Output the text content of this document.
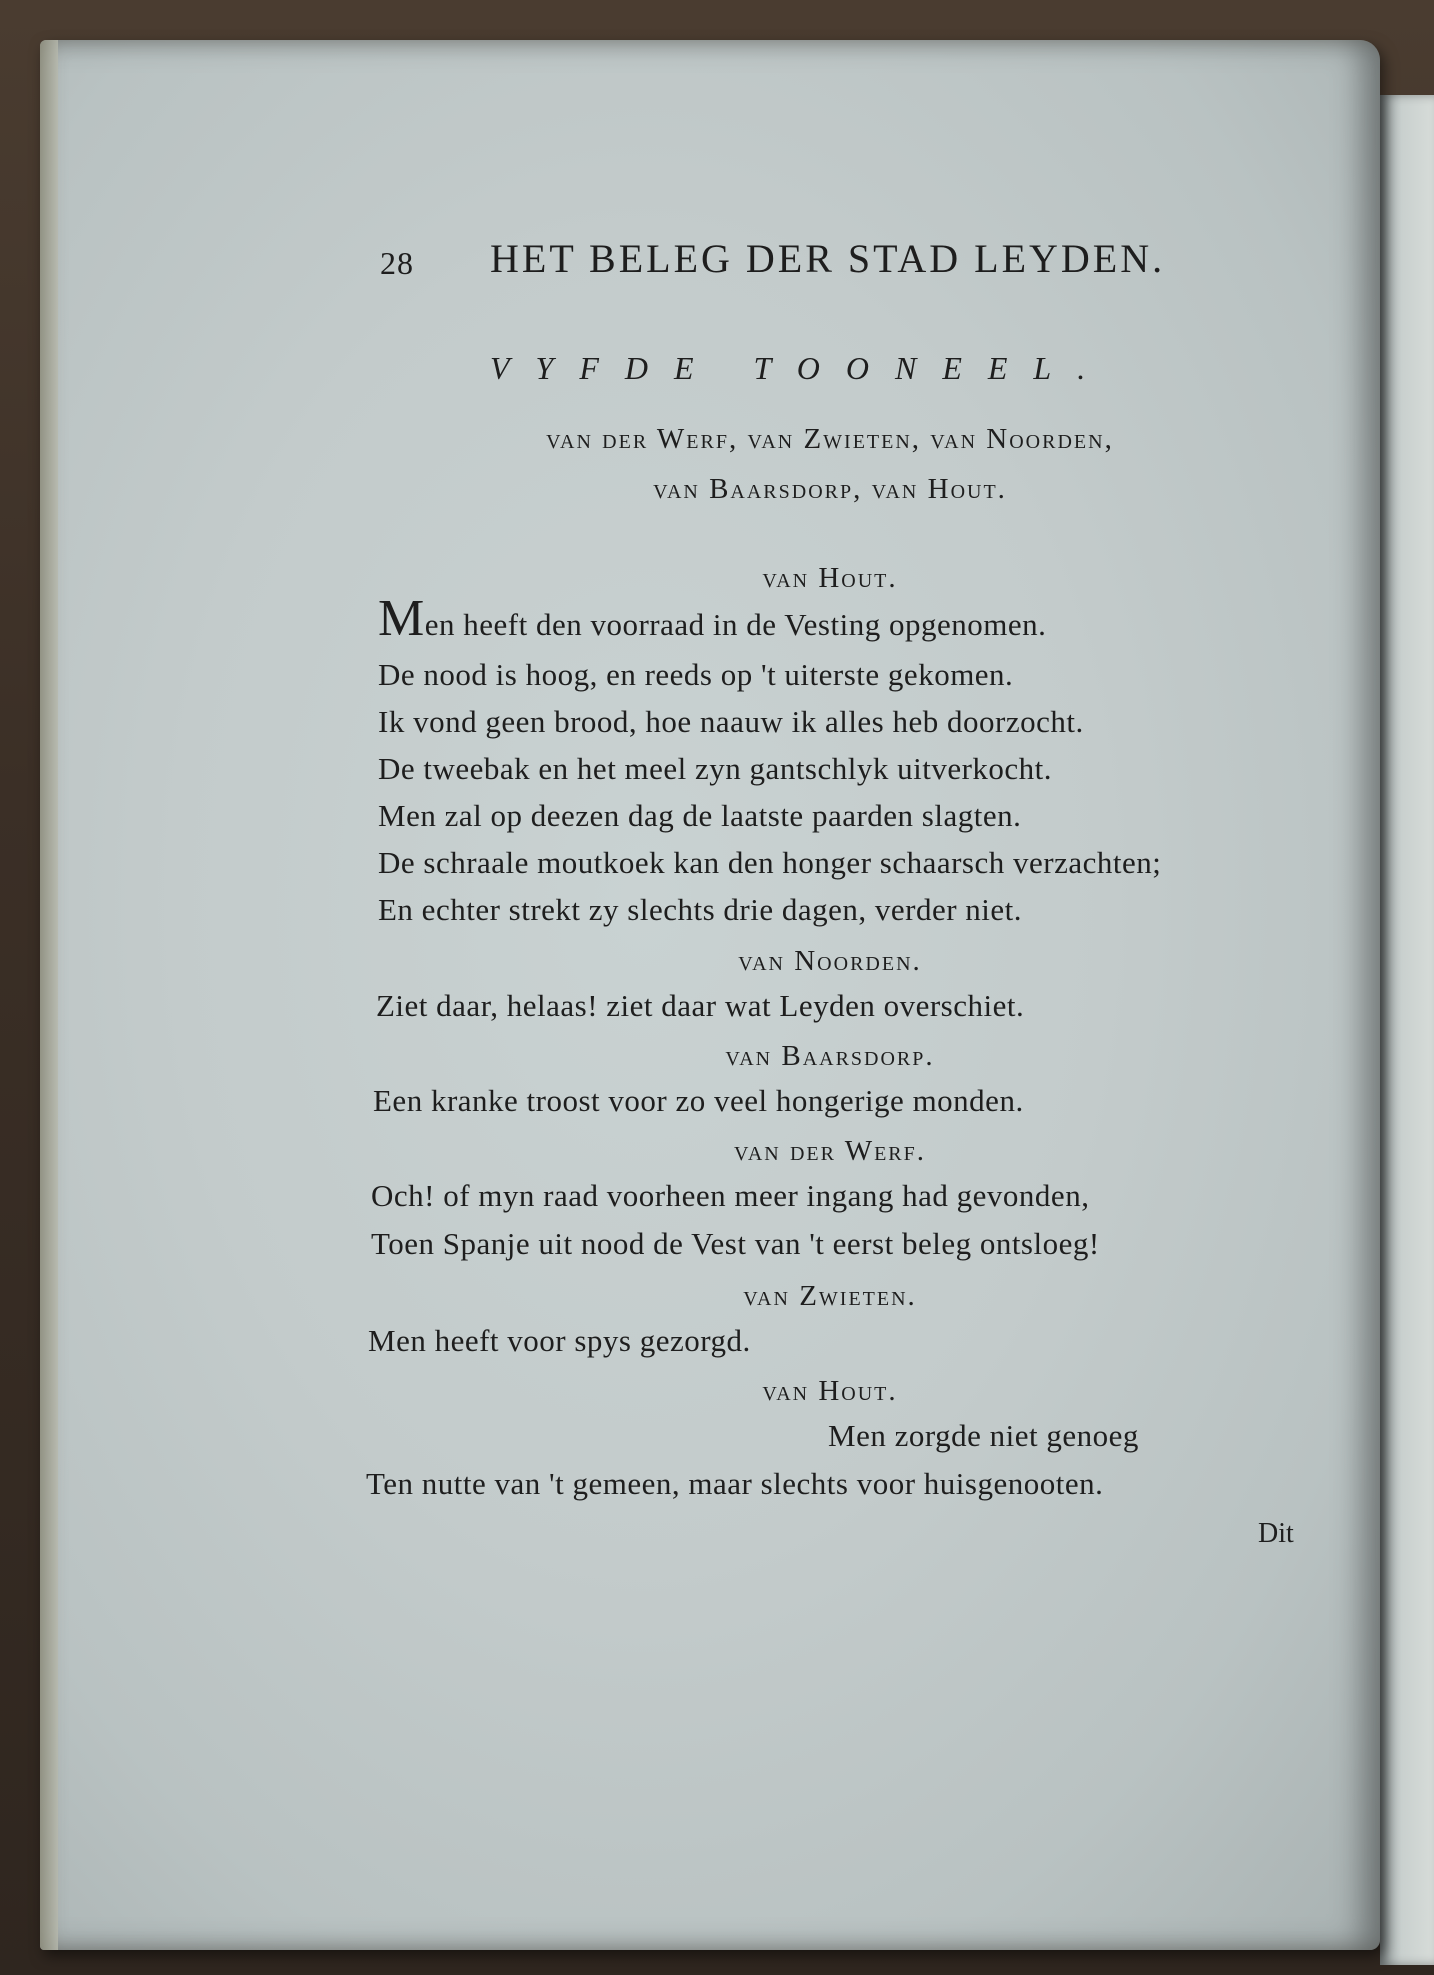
28 HET BELEG DER STAD LEYDEN.
VYFDE TOONEEL.
van der Werf, van Zwieten, van Noorden,
van Baarsdorp, van Hout.
van Hout.
Men heeft den voorraad in de Vesting opgenomen.
De nood is hoog, en reeds op 't uiterste gekomen.
Ik vond geen brood, hoe naauw ik alles heb doorzocht.
De tweebak en het meel zyn gantschlyk uitverkocht.
Men zal op deezen dag de laatste paarden slagten.
De schraale moutkoek kan den honger schaarsch verzachten;
En echter strekt zy slechts drie dagen, verder niet.
van Noorden.
Ziet daar, helaas! ziet daar wat Leyden overschiet.
van Baarsdorp.
Een kranke troost voor zo veel hongerige monden.
van der Werf.
Och! of myn raad voorheen meer ingang had gevonden,
Toen Spanje uit nood de Vest van 't eerst beleg ontsloeg!
van Zwieten.
Men heeft voor spys gezorgd.
van Hout.
Men zorgde niet genoeg
Ten nutte van 't gemeen, maar slechts voor huisgenooten.
Dit
